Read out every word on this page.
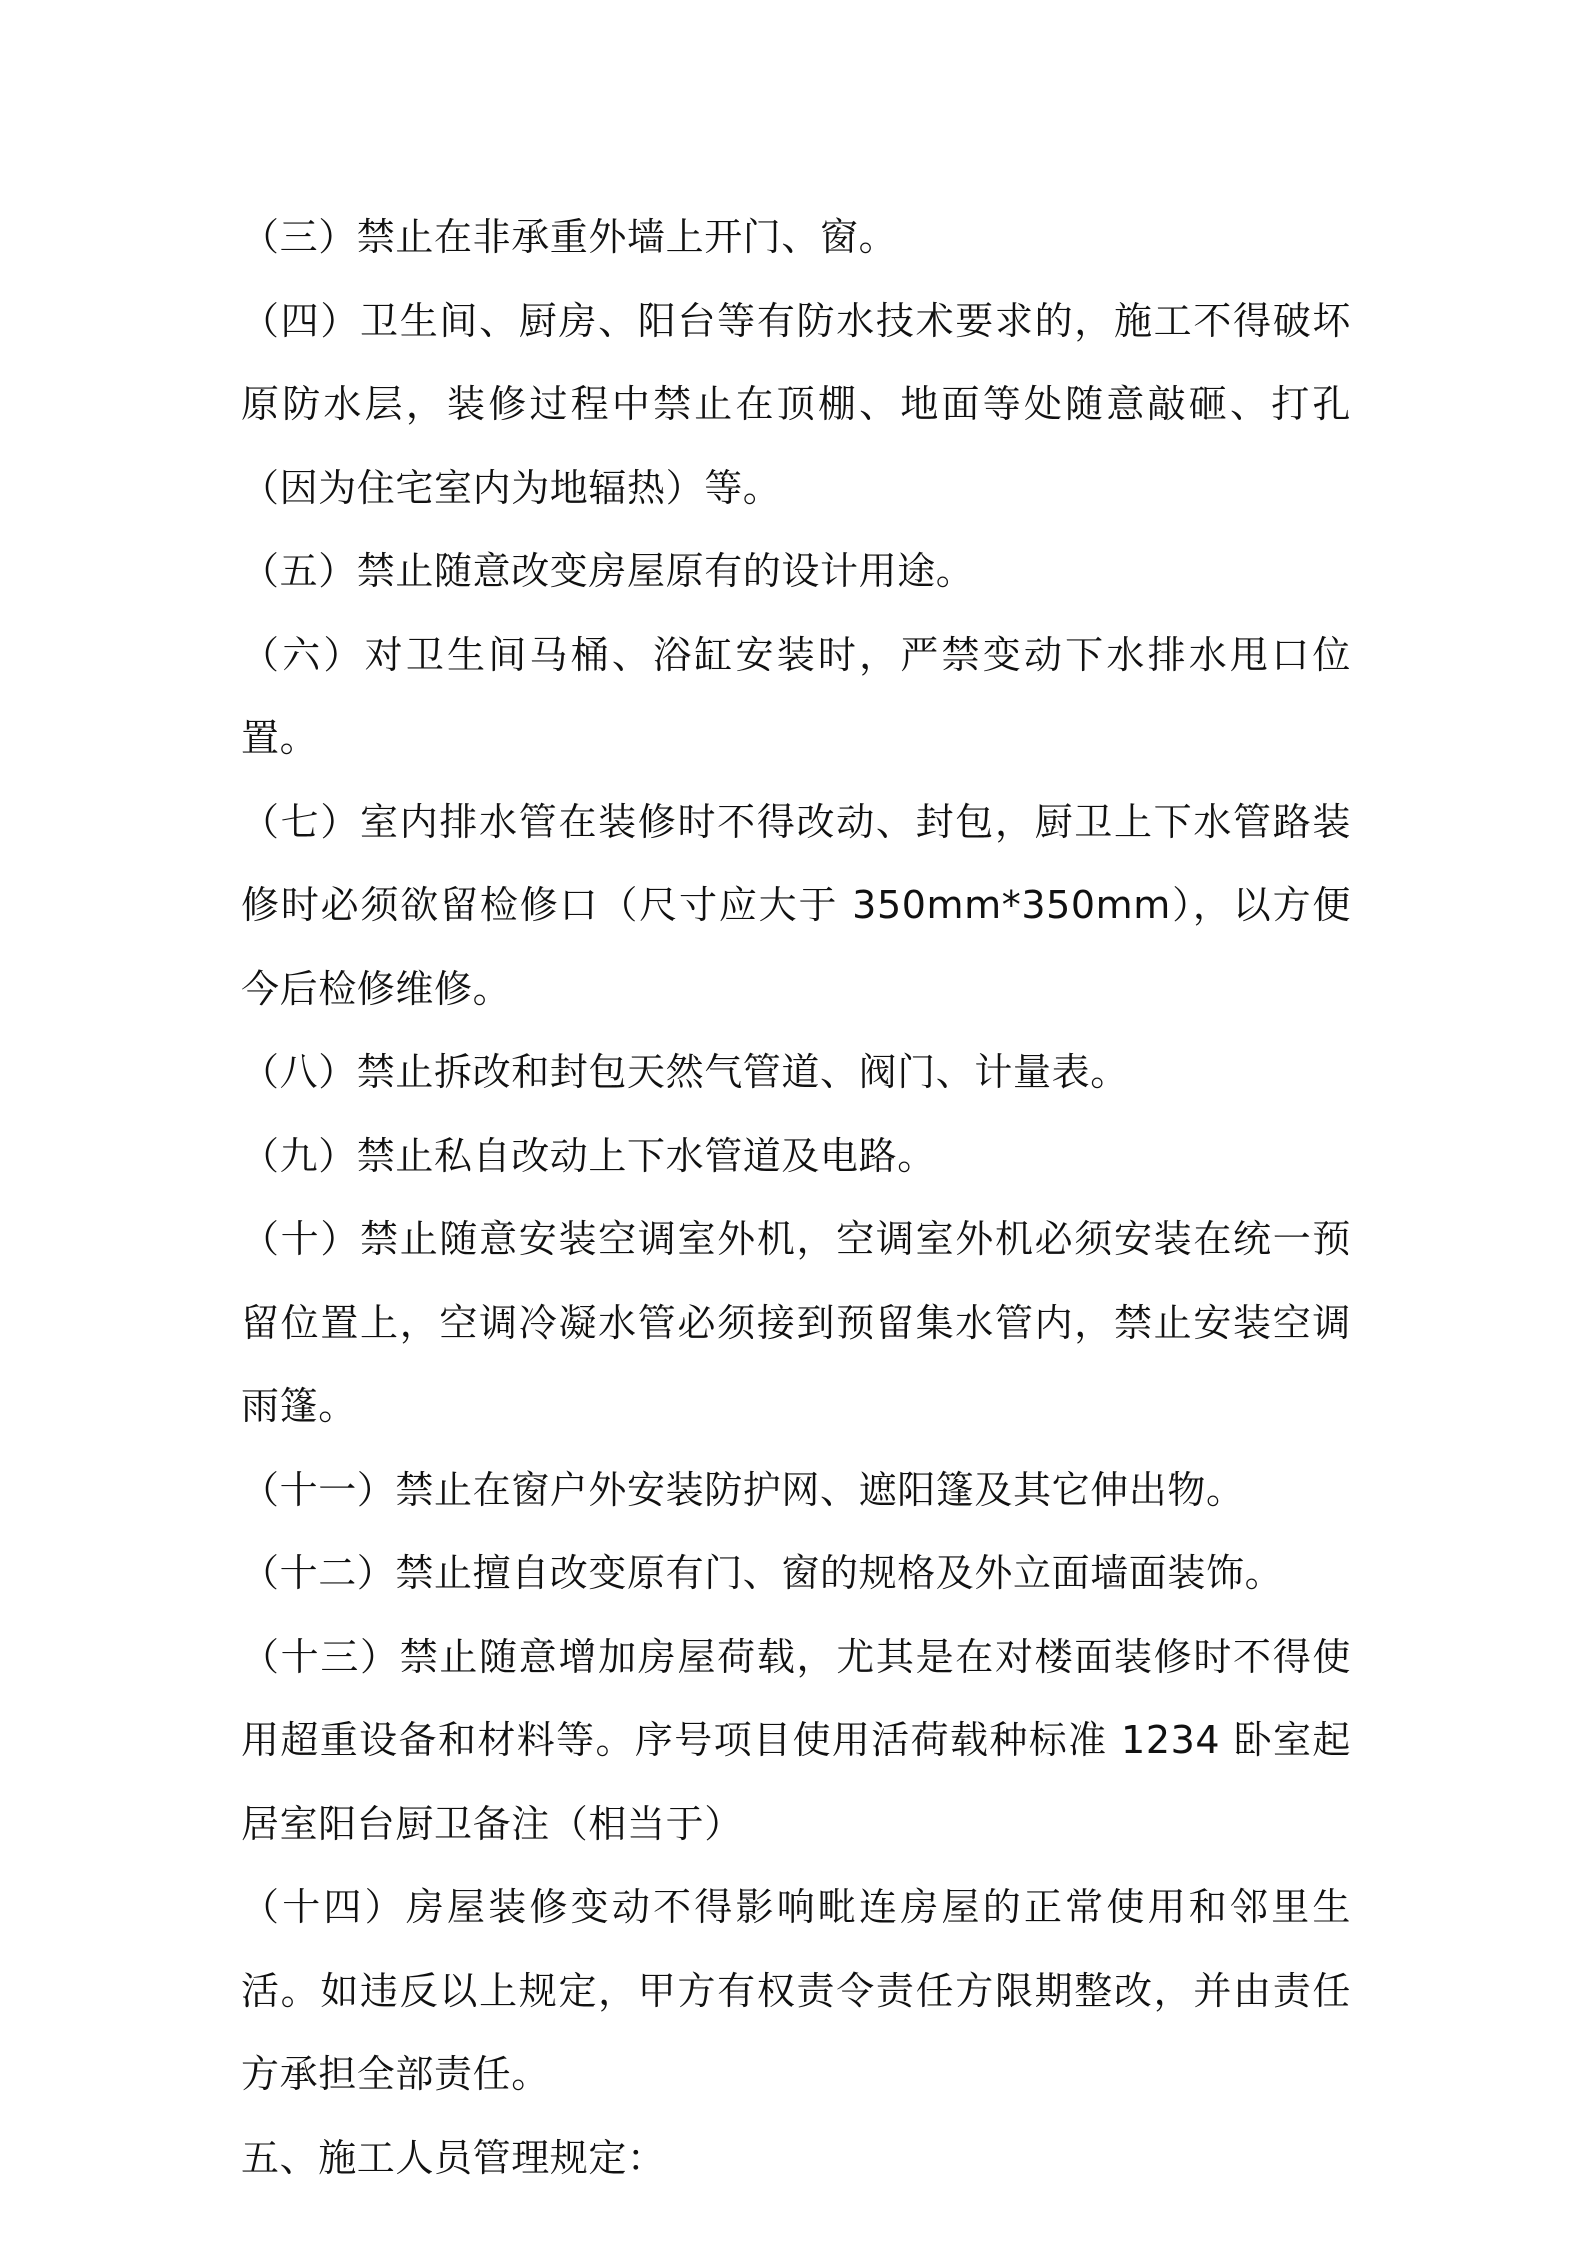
（三）禁止在非承重外墙上开门、窗。

（四）卫生间、厨房、阳台等有防水技术要求的，施工不得破坏原防水层，装修过程中禁止在顶棚、地面等处随意敲砸、打孔（因为住宅室内为地辐热）等。

（五）禁止随意改变房屋原有的设计用途。

（六）对卫生间马桶、浴缸安装时，严禁变动下水排水甩口位置。

（七）室内排水管在装修时不得改动、封包，厨卫上下水管路装修时必须欲留检修口（尺寸应大于 350mm*350mm），以方便今后检修维修。

（八）禁止拆改和封包天然气管道、阀门、计量表。

（九）禁止私自改动上下水管道及电路。

（十）禁止随意安装空调室外机，空调室外机必须安装在统一预留位置上，空调冷凝水管必须接到预留集水管内，禁止安装空调雨篷。

（十一）禁止在窗户外安装防护网、遮阳篷及其它伸出物。

（十二）禁止擅自改变原有门、窗的规格及外立面墙面装饰。

（十三）禁止随意增加房屋荷载，尤其是在对楼面装修时不得使用超重设备和材料等。序号项目使用活荷载种标准 1234 卧室起居室阳台厨卫备注（相当于）

（十四）房屋装修变动不得影响毗连房屋的正常使用和邻里生活。如违反以上规定，甲方有权责令责任方限期整改，并由责任方承担全部责任。

五、施工人员管理规定：
